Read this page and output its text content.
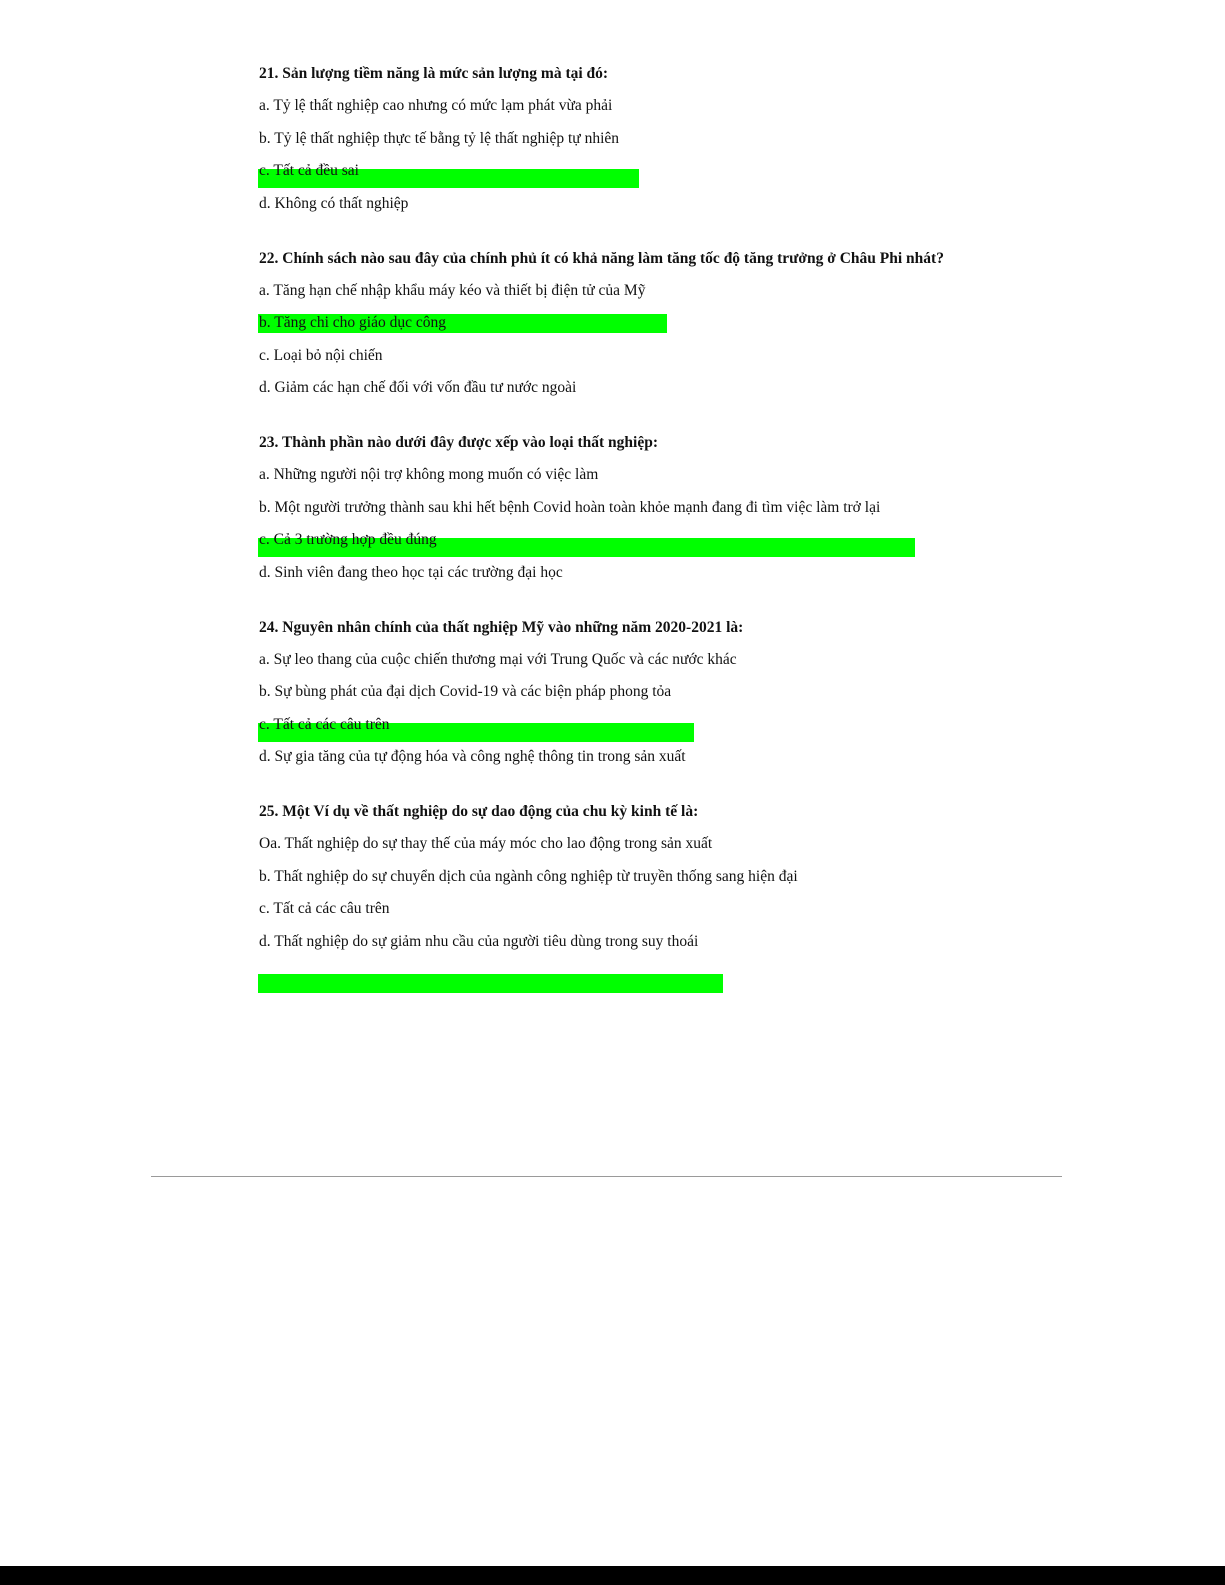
21. Sản lượng tiềm năng là mức sản lượng mà tại đó:
a. Tỷ lệ thất nghiệp cao nhưng có mức lạm phát vừa phải
b. Tỷ lệ thất nghiệp thực tế bằng tỷ lệ thất nghiệp tự nhiên
c. Tất cả đều sai
d. Không có thất nghiệp
22. Chính sách nào sau đây của chính phủ ít có khả năng làm tăng tốc độ tăng trưởng ở Châu Phi nhát?
a. Tăng hạn chế nhập khẩu máy kéo và thiết bị điện tử của Mỹ
b. Tăng chi cho giáo dục công
c. Loại bỏ nội chiến
d. Giảm các hạn chế đối với vốn đầu tư nước ngoài
23. Thành phần nào dưới đây được xếp vào loại thất nghiệp:
a. Những người nội trợ không mong muốn có việc làm
b. Một người trưởng thành sau khi hết bệnh Covid hoàn toàn khỏe mạnh đang đi tìm việc làm trở lại
c. Cả 3 trường hợp đều đúng
d. Sinh viên đang theo học tại các trường đại học
24. Nguyên nhân chính của thất nghiệp Mỹ vào những năm 2020-2021 là:
a. Sự leo thang của cuộc chiến thương mại với Trung Quốc và các nước khác
b. Sự bùng phát của đại dịch Covid-19 và các biện pháp phong tỏa
c. Tất cả các câu trên
d. Sự gia tăng của tự động hóa và công nghệ thông tin trong sản xuất
25. Một Ví dụ về thất nghiệp do sự dao động của chu kỳ kinh tế là:
Oa. Thất nghiệp do sự thay thế của máy móc cho lao động trong sản xuất
b. Thất nghiệp do sự chuyển dịch của ngành công nghiệp từ truyền thống sang hiện đại
c. Tất cả các câu trên
d. Thất nghiệp do sự giảm nhu cầu của người tiêu dùng trong suy thoái
